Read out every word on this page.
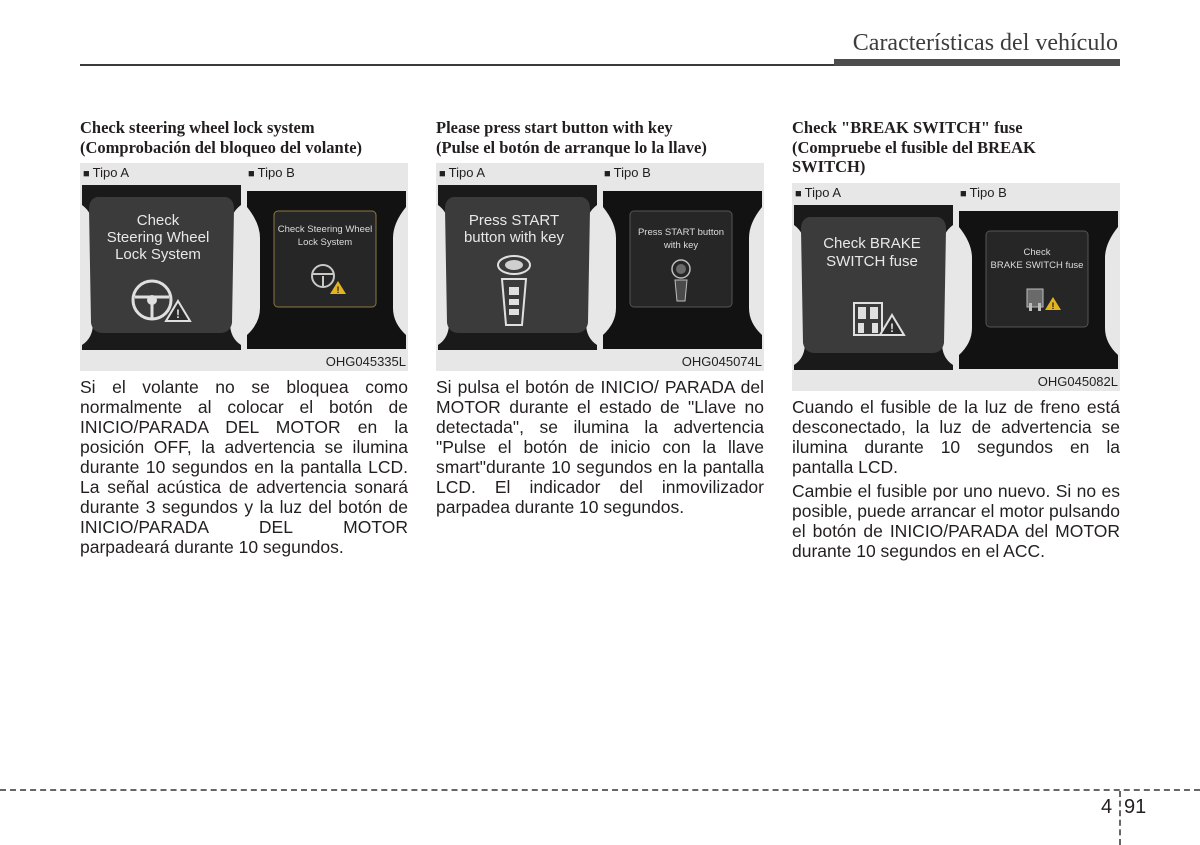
Características del vehículo
Check steering wheel lock system
(Comprobación del bloqueo del volante)
■ Tipo A
Check
Steering Wheel
Lock System
!
■ Tipo B
Check Steering Wheel
Lock System
!
OHG045335L

Si el volante no se bloquea como normalmente al colocar el botón de INICIO/PARADA DEL MOTOR en la posición OFF, la advertencia se ilumina durante 10 segundos en la pantalla LCD. La señal acústica de advertencia sonará durante 3 segundos y la luz del botón de INICIO/PARADA DEL MOTOR parpadeará durante 10 segundos.

Please press start button with key
(Pulse el botón de arranque lo la llave)
■ Tipo A
Press START
button with key
■ Tipo B
Press START button
with key
OHG045074L

Si pulsa el botón de INICIO/ PARADA del MOTOR durante el estado de "Llave no detectada", se ilumina la advertencia "Pulse el botón de inicio con la llave smart"durante 10 segundos en la pantalla LCD. El indicador del inmovilizador parpadea durante 10 segundos.

Check "BREAK SWITCH" fuse
(Compruebe el fusible del BREAK
SWITCH)
■ Tipo A
Check BRAKE
SWITCH fuse
!
■ Tipo B
Check
BRAKE SWITCH fuse
!
OHG045082L

Cuando el fusible de la luz de freno está desconectado, la luz de advertencia se ilumina durante 10 segundos en la pantalla LCD.

Cambie el fusible por uno nuevo. Si no es posible, puede arrancar el motor pulsando el botón de INICIO/PARADA del MOTOR durante 10 segundos en el ACC.

4 91
